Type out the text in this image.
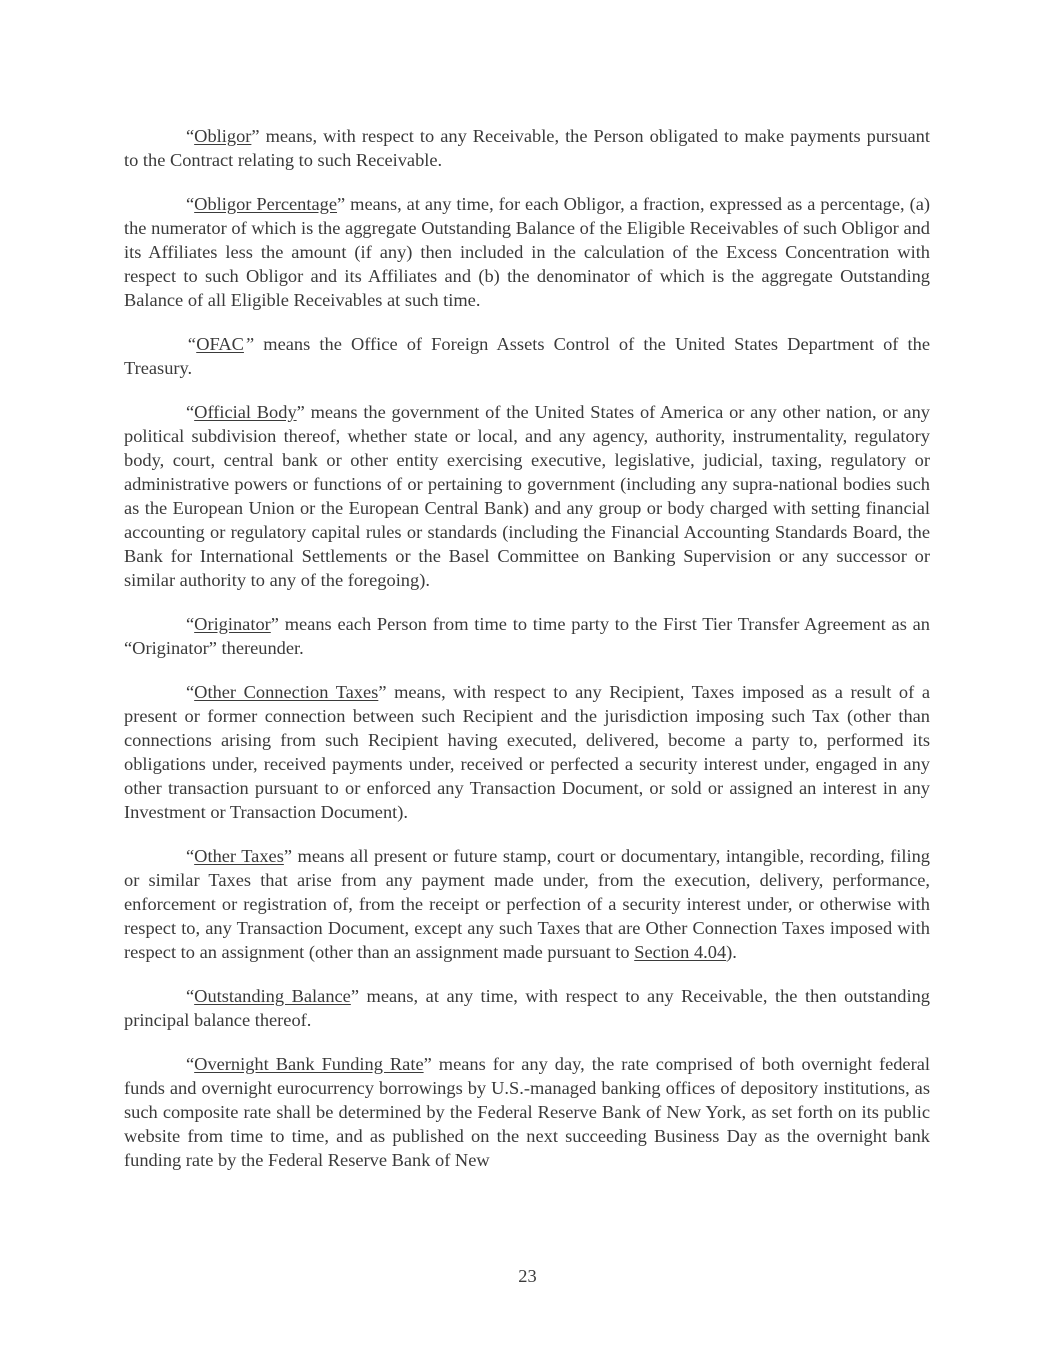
“Obligor” means, with respect to any Receivable, the Person obligated to make payments pursuant to the Contract relating to such Receivable.

“Obligor Percentage” means, at any time, for each Obligor, a fraction, expressed as a percentage, (a) the numerator of which is the aggregate Outstanding Balance of the Eligible Receivables of such Obligor and its Affiliates less the amount (if any) then included in the calculation of the Excess Concentration with respect to such Obligor and its Affiliates and (b) the denominator of which is the aggregate Outstanding Balance of all Eligible Receivables at such time.

“OFAC” means the Office of Foreign Assets Control of the United States Department of the Treasury.

“Official Body” means the government of the United States of America or any other nation, or any political subdivision thereof, whether state or local, and any agency, authority, instrumentality, regulatory body, court, central bank or other entity exercising executive, legislative, judicial, taxing, regulatory or administrative powers or functions of or pertaining to government (including any supra-national bodies such as the European Union or the European Central Bank) and any group or body charged with setting financial accounting or regulatory capital rules or standards (including the Financial Accounting Standards Board, the Bank for International Settlements or the Basel Committee on Banking Supervision or any successor or similar authority to any of the foregoing).

“Originator” means each Person from time to time party to the First Tier Transfer Agreement as an “Originator” thereunder.

“Other Connection Taxes” means, with respect to any Recipient, Taxes imposed as a result of a present or former connection between such Recipient and the jurisdiction imposing such Tax (other than connections arising from such Recipient having executed, delivered, become a party to, performed its obligations under, received payments under, received or perfected a security interest under, engaged in any other transaction pursuant to or enforced any Transaction Document, or sold or assigned an interest in any Investment or Transaction Document).

“Other Taxes” means all present or future stamp, court or documentary, intangible, recording, filing or similar Taxes that arise from any payment made under, from the execution, delivery, performance, enforcement or registration of, from the receipt or perfection of a security interest under, or otherwise with respect to, any Transaction Document, except any such Taxes that are Other Connection Taxes imposed with respect to an assignment (other than an assignment made pursuant to Section 4.04).

“Outstanding Balance” means, at any time, with respect to any Receivable, the then outstanding principal balance thereof.

“Overnight Bank Funding Rate” means for any day, the rate comprised of both overnight federal funds and overnight eurocurrency borrowings by U.S.-managed banking offices of depository institutions, as such composite rate shall be determined by the Federal Reserve Bank of New York, as set forth on its public website from time to time, and as published on the next succeeding Business Day as the overnight bank funding rate by the Federal Reserve Bank of New

23
